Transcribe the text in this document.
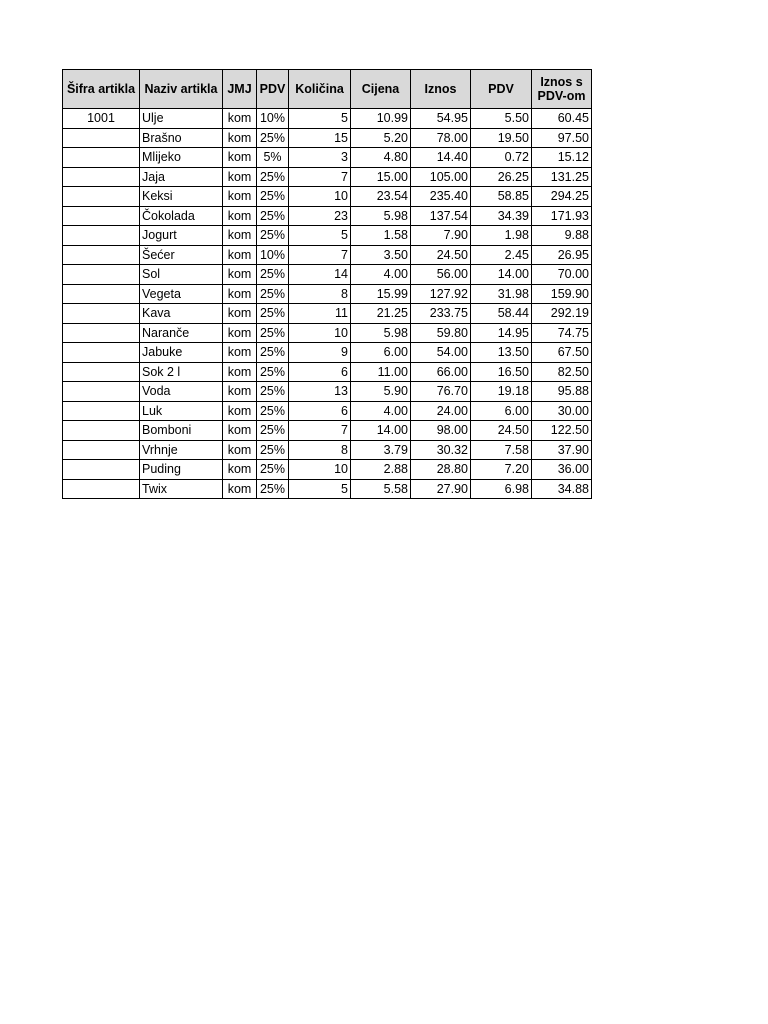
Šifra artikla	Naziv artikla	JMJ	PDV	Količina	Cijena	Iznos	PDV	Iznos s PDV-om
1001	Ulje	kom	10%	5	10.99	54.95	5.50	60.45
	Brašno	kom	25%	15	5.20	78.00	19.50	97.50
	Mlijeko	kom	5%	3	4.80	14.40	0.72	15.12
	Jaja	kom	25%	7	15.00	105.00	26.25	131.25
	Keksi	kom	25%	10	23.54	235.40	58.85	294.25
	Čokolada	kom	25%	23	5.98	137.54	34.39	171.93
	Jogurt	kom	25%	5	1.58	7.90	1.98	9.88
	Šećer	kom	10%	7	3.50	24.50	2.45	26.95
	Sol	kom	25%	14	4.00	56.00	14.00	70.00
	Vegeta	kom	25%	8	15.99	127.92	31.98	159.90
	Kava	kom	25%	11	21.25	233.75	58.44	292.19
	Naranče	kom	25%	10	5.98	59.80	14.95	74.75
	Jabuke	kom	25%	9	6.00	54.00	13.50	67.50
	Sok 2 l	kom	25%	6	11.00	66.00	16.50	82.50
	Voda	kom	25%	13	5.90	76.70	19.18	95.88
	Luk	kom	25%	6	4.00	24.00	6.00	30.00
	Bomboni	kom	25%	7	14.00	98.00	24.50	122.50
	Vrhnje	kom	25%	8	3.79	30.32	7.58	37.90
	Puding	kom	25%	10	2.88	28.80	7.20	36.00
	Twix	kom	25%	5	5.58	27.90	6.98	34.88
